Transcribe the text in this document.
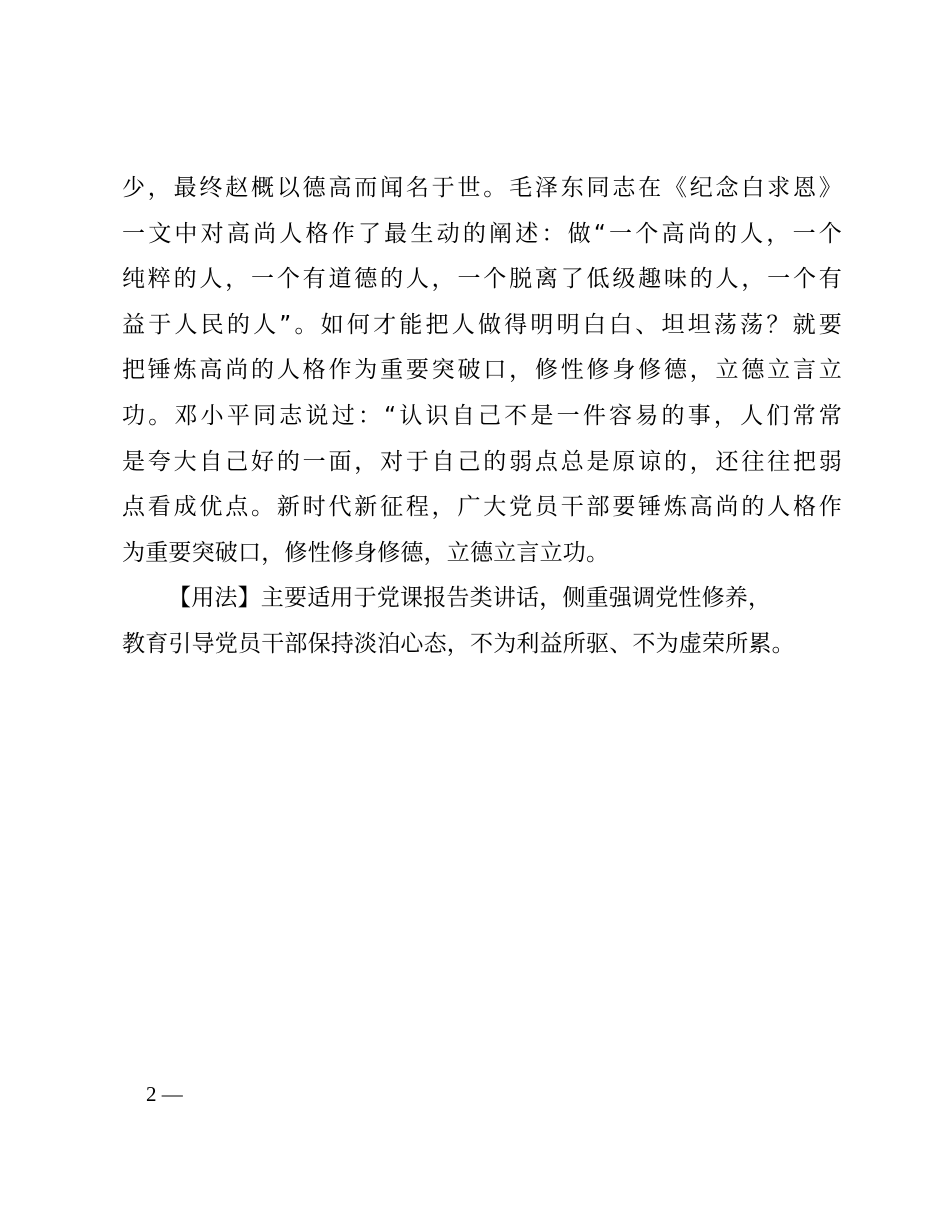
少，最终赵概以德高而闻名于世。毛泽东同志在《纪念白求恩》
一文中对高尚人格作了最生动的阐述：做“一个高尚的人，一个
纯粹的人，一个有道德的人，一个脱离了低级趣味的人，一个有
益于人民的人”。如何才能把人做得明明白白、坦坦荡荡？就要
把锤炼高尚的人格作为重要突破口，修性修身修德，立德立言立
功。邓小平同志说过：“认识自己不是一件容易的事，人们常常
是夸大自己好的一面，对于自己的弱点总是原谅的，还往往把弱
点看成优点。新时代新征程，广大党员干部要锤炼高尚的人格作
为重要突破口，修性修身修德，立德立言立功。
【用法】主要适用于党课报告类讲话，侧重强调党性修养，
教育引导党员干部保持淡泊心态，不为利益所驱、不为虚荣所累。
2 —
